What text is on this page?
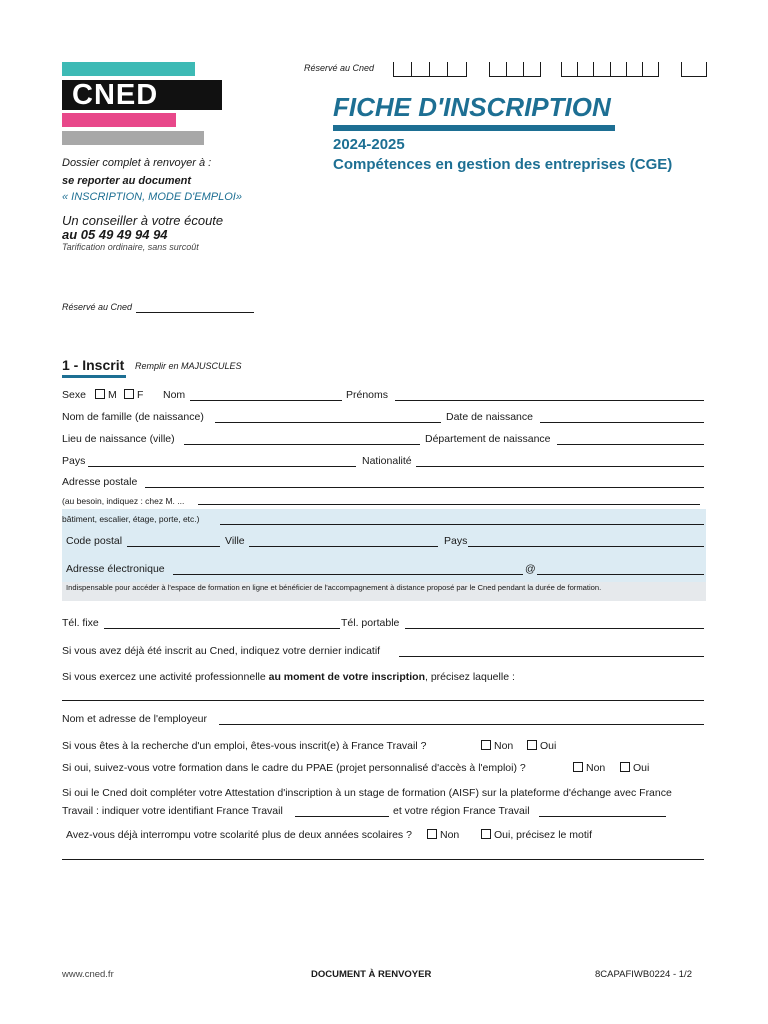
CNED
Réservé au Cned
FICHE D'INSCRIPTION
2024-2025
Compétences en gestion des entreprises (CGE)
Dossier complet à renvoyer à :
se reporter au document
« INSCRIPTION, MODE D'EMPLOI»
Un conseiller à votre écoute
au 05 49 49 94 94
Tarification ordinaire, sans surcoût
Réservé au Cned
1 - Inscrit Remplir en MAJUSCULES
Sexe	M	F Nom	Prénoms
Nom de famille (de naissance)	Date de naissance
Lieu de naissance (ville)	Département de naissance
Pays	Nationalité
Adresse postale
(au besoin, indiquez : chez M. ...
bâtiment, escalier, étage, porte, etc.)
Code postal	Ville	Pays
Adresse électronique	@
Indispensable pour accéder à l'espace de formation en ligne et bénéficier de l'accompagnement à distance proposé par le Cned pendant la durée de formation.
Tél. fixe	Tél. portable
Si vous avez déjà été inscrit au Cned, indiquez votre dernier indicatif
Si vous exercez une activité professionnelle au moment de votre inscription, précisez laquelle :
Nom et adresse de l'employeur
Si vous êtes à la recherche d'un emploi, êtes-vous inscrit(e) à France Travail ?	Non	Oui
Si oui, suivez-vous votre formation dans le cadre du PPAE (projet personnalisé d'accès à l'emploi) ?	Non	Oui
Si oui le Cned doit compléter votre Attestation d'inscription à un stage de formation (AISF) sur la plateforme d'échange avec France
Travail : indiquer votre identifiant France Travail	et votre région France Travail
Avez-vous déjà interrompu votre scolarité plus de deux années scolaires ?	Non	Oui, précisez le motif
www.cned.fr	DOCUMENT À RENVOYER	8CAPAFIWB0224 - 1/2
